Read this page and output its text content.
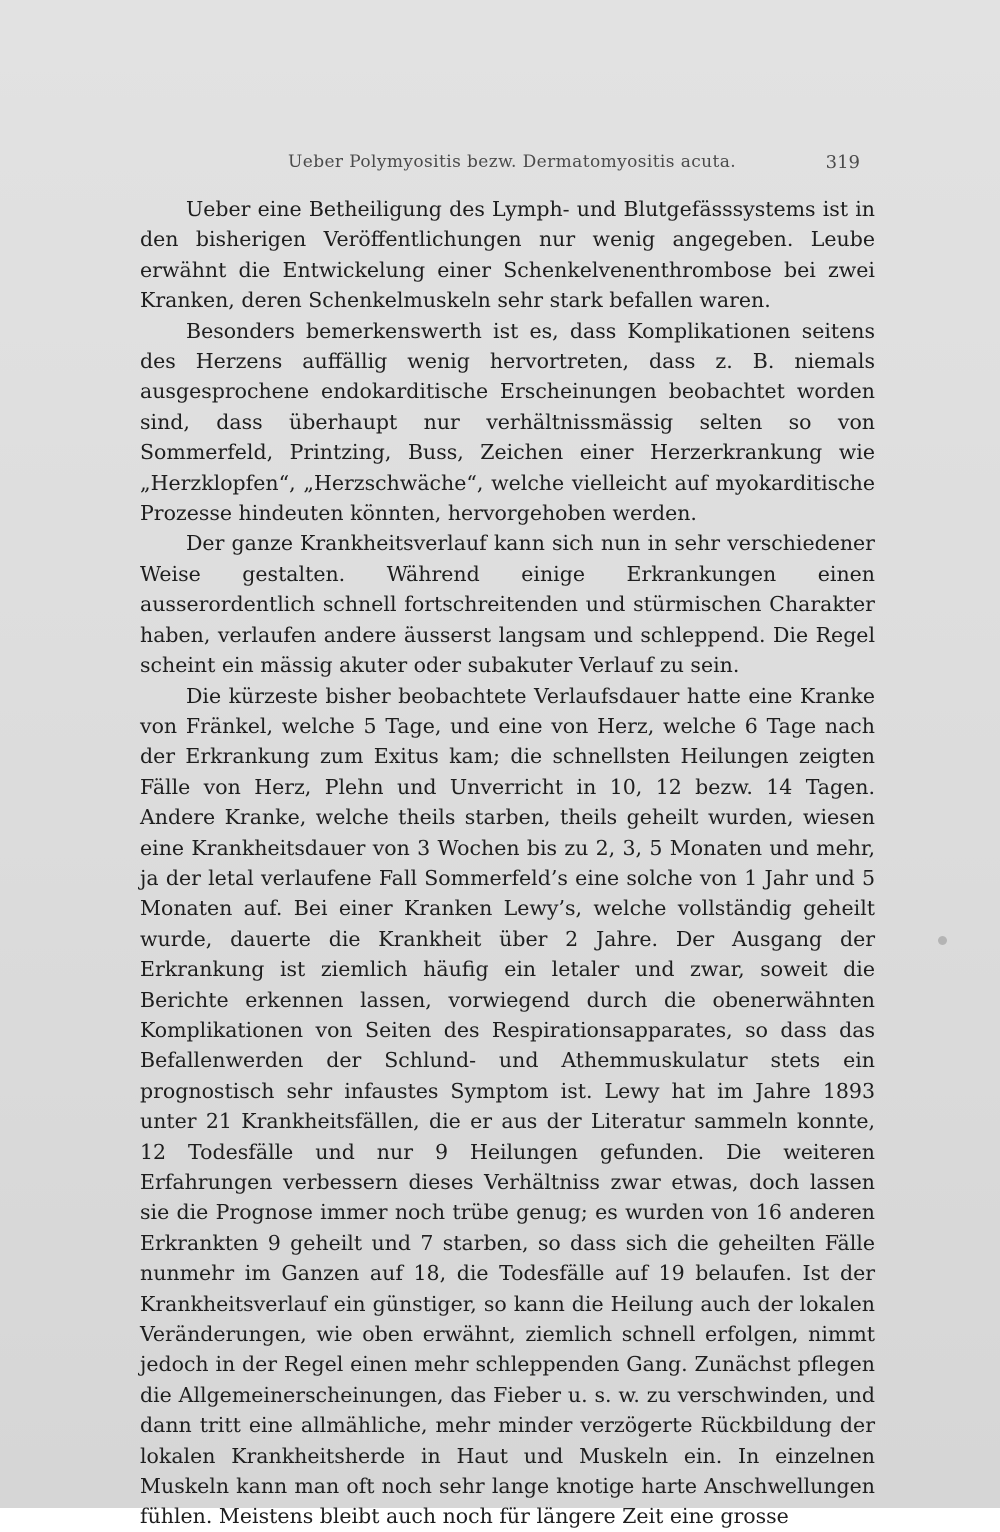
Ueber Polymyositis bezw. Dermatomyositis acuta.	319

Ueber eine Betheiligung des Lymph- und Blutgefässsystems ist in den bisherigen Veröffentlichungen nur wenig angegeben. Leube erwähnt die Entwickelung einer Schenkelvenenthrombose bei zwei Kranken, deren Schenkelmuskeln sehr stark befallen waren.

Besonders bemerkenswerth ist es, dass Komplikationen seitens des Herzens auffällig wenig hervortreten, dass z. B. niemals ausgesprochene endokarditische Erscheinungen beobachtet worden sind, dass überhaupt nur verhältnissmässig selten so von Sommerfeld, Printzing, Buss, Zeichen einer Herzerkrankung wie „Herzklopfen“, „Herzschwäche“, welche vielleicht auf myokarditische Prozesse hindeuten könnten, hervorgehoben werden.

Der ganze Krankheitsverlauf kann sich nun in sehr verschiedener Weise gestalten. Während einige Erkrankungen einen ausserordentlich schnell fortschreitenden und stürmischen Charakter haben, verlaufen andere äusserst langsam und schleppend. Die Regel scheint ein mässig akuter oder subakuter Verlauf zu sein.

Die kürzeste bisher beobachtete Verlaufsdauer hatte eine Kranke von Fränkel, welche 5 Tage, und eine von Herz, welche 6 Tage nach der Erkrankung zum Exitus kam; die schnellsten Heilungen zeigten Fälle von Herz, Plehn und Unverricht in 10, 12 bezw. 14 Tagen. Andere Kranke, welche theils starben, theils geheilt wurden, wiesen eine Krankheitsdauer von 3 Wochen bis zu 2, 3, 5 Monaten und mehr, ja der letal verlaufene Fall Sommerfeld’s eine solche von 1 Jahr und 5 Monaten auf. Bei einer Kranken Lewy’s, welche vollständig geheilt wurde, dauerte die Krankheit über 2 Jahre. Der Ausgang der Erkrankung ist ziemlich häufig ein letaler und zwar, soweit die Berichte erkennen lassen, vorwiegend durch die obenerwähnten Komplikationen von Seiten des Respirationsapparates, so dass das Befallenwerden der Schlund- und Athemmuskulatur stets ein prognostisch sehr infaustes Symptom ist. Lewy hat im Jahre 1893 unter 21 Krankheitsfällen, die er aus der Literatur sammeln konnte, 12 Todesfälle und nur 9 Heilungen gefunden. Die weiteren Erfahrungen verbessern dieses Verhältniss zwar etwas, doch lassen sie die Prognose immer noch trübe genug; es wurden von 16 anderen Erkrankten 9 geheilt und 7 starben, so dass sich die geheilten Fälle nunmehr im Ganzen auf 18, die Todesfälle auf 19 belaufen. Ist der Krankheitsverlauf ein günstiger, so kann die Heilung auch der lokalen Veränderungen, wie oben erwähnt, ziemlich schnell erfolgen, nimmt jedoch in der Regel einen mehr schleppenden Gang. Zunächst pflegen die Allgemeinerscheinungen, das Fieber u. s. w. zu verschwinden, und dann tritt eine allmähliche, mehr minder verzögerte Rückbildung der lokalen Krankheitsherde in Haut und Muskeln ein. In einzelnen Muskeln kann man oft noch sehr lange knotige harte Anschwellungen fühlen. Meistens bleibt auch noch für längere Zeit eine grosse
